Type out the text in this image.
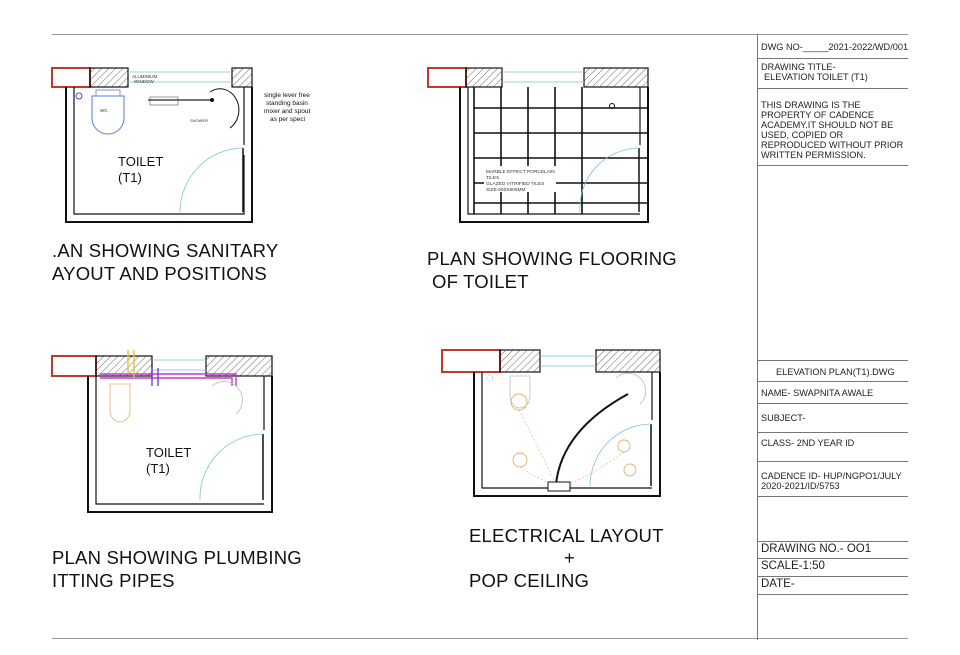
ALUMINIUM
WINDOW
WC
SHOWER
single lever free
standing basin
mixer and spout
as per speci
TOILET
(T1)	MARBLE EFFECT PORCELAIN
TILES
GLAZED VITRIFIED TILES
SIZE-600X600MM
TOILET
(T1)
.AN SHOWING SANITARY
AYOUT AND POSITIONS
PLAN SHOWING FLOORING
OF TOILET
PLAN SHOWING PLUMBING
ITTING PIPES
ELECTRICAL LAYOUT
+
POP CEILING
DWG NO-_____2021-2022/WD/001
DRAWING TITLE-
ELEVATION TOILET (T1)
THIS DRAWING IS THE
PROPERTY OF CADENCE
ACADEMY.IT SHOULD NOT BE
USED, COPIED OR
REPRODUCED WITHOUT PRIOR
WRITTEN PERMISSION.
ELEVATION PLAN(T1).DWG
NAME- SWAPNITA AWALE
SUBJECT-
CLASS- 2ND YEAR ID
CADENCE ID- HUP/NGPO1/JULY
2020-2021/ID/5753
DRAWING NO.- OO1
SCALE-1:50
DATE-
